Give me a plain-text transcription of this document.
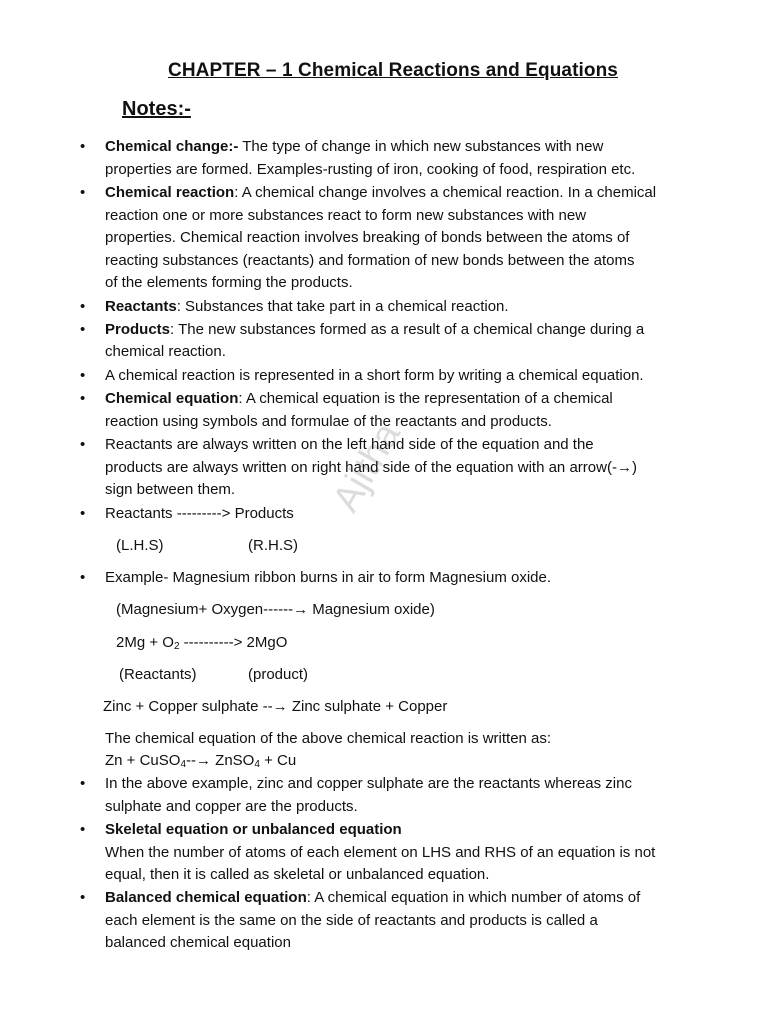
CHAPTER – 1 Chemical Reactions and Equations
Notes:-
Ajitha
•
Chemical change:- The type of change in which new substances with new
properties are formed. Examples-rusting of iron, cooking of food, respiration etc.
•
Chemical reaction: A chemical change involves a chemical reaction. In a chemical
reaction one or more substances react to form new substances with new
properties. Chemical reaction involves breaking of bonds between the atoms of
reacting substances (reactants) and formation of new bonds between the atoms
of the elements forming the products.
•
Reactants: Substances that take part in a chemical reaction.
•
Products: The new substances formed as a result of a chemical change during a
chemical reaction.
•
A chemical reaction is represented in a short form by writing a chemical equation.
•
Chemical equation: A chemical equation is the representation of a chemical
reaction using symbols and formulae of the reactants and products.
•
Reactants are always written on the left hand side of the equation and the
products are always written on right hand side of the equation with an arrow(-→)
sign between them.
•
Reactants ---------> Products
(L.H.S)	(R.H.S)
•
Example- Magnesium ribbon burns in air to form Magnesium oxide.
(Magnesium+ Oxygen------→ Magnesium oxide)
$2Mg + O_2$ ----------> 2MgO
(Reactants)	(product)
Zinc + Copper sulphate --→ Zinc sulphate + Copper
The chemical equation of the above chemical reaction is written as:
Zn + CuSO$_4$--→ ZnSO$_4$ + Cu
•
In the above example, zinc and copper sulphate are the reactants whereas zinc
sulphate and copper are the products.
•
Skeletal equation or unbalanced equation
When the number of atoms of each element on LHS and RHS of an equation is not
equal, then it is called as skeletal or unbalanced equation.
•
Balanced chemical equation: A chemical equation in which number of atoms of
each element is the same on the side of reactants and products is called a
balanced chemical equation
